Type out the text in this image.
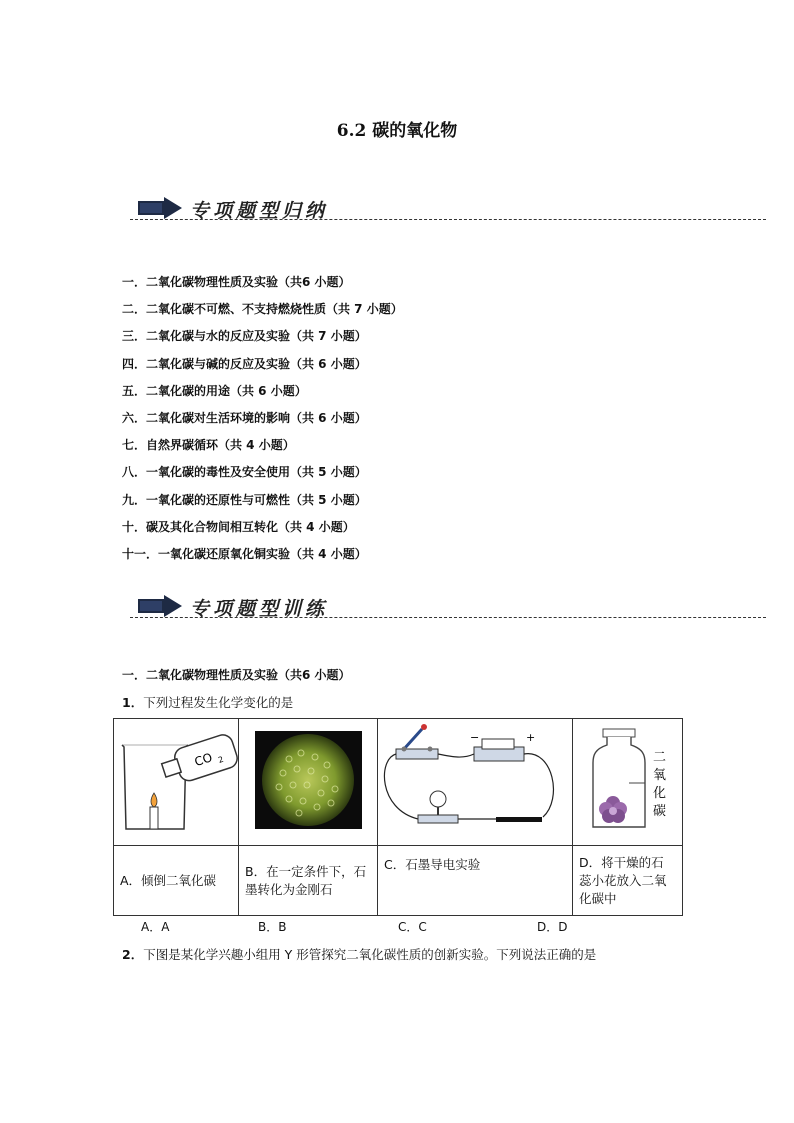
6.2 碳的氧化物
专项题型归纳
一．二氧化碳物理性质及实验（共6 小题）
二．二氧化碳不可燃、不支持燃烧性质（共 7 小题）
三．二氧化碳与水的反应及实验（共 7 小题）
四．二氧化碳与碱的反应及实验（共 6 小题）
五．二氧化碳的用途（共 6 小题）
六．二氧化碳对生活环境的影响（共 6 小题）
七．自然界碳循环（共 4 小题）
八．一氧化碳的毒性及安全使用（共 5 小题）
九．一氧化碳的还原性与可燃性（共 5 小题）
十．碳及其化合物间相互转化（共 4 小题）
十一．一氧化碳还原氧化铜实验（共 4 小题）
专项题型训练
一．二氧化碳物理性质及实验（共6 小题）
1．下列过程发生化学变化的是
CO 2		− +	二
氧
化
碳

A．倾倒二氧化碳	B．在一定条件下，石墨转化为金刚石	C．石墨导电实验	D．将干燥的石蕊小花放入二氧化碳中
A．A	B．B	C．C	D．D
2．下图是某化学兴趣小组用 Y 形管探究二氧化碳性质的创新实验。下列说法正确的是
